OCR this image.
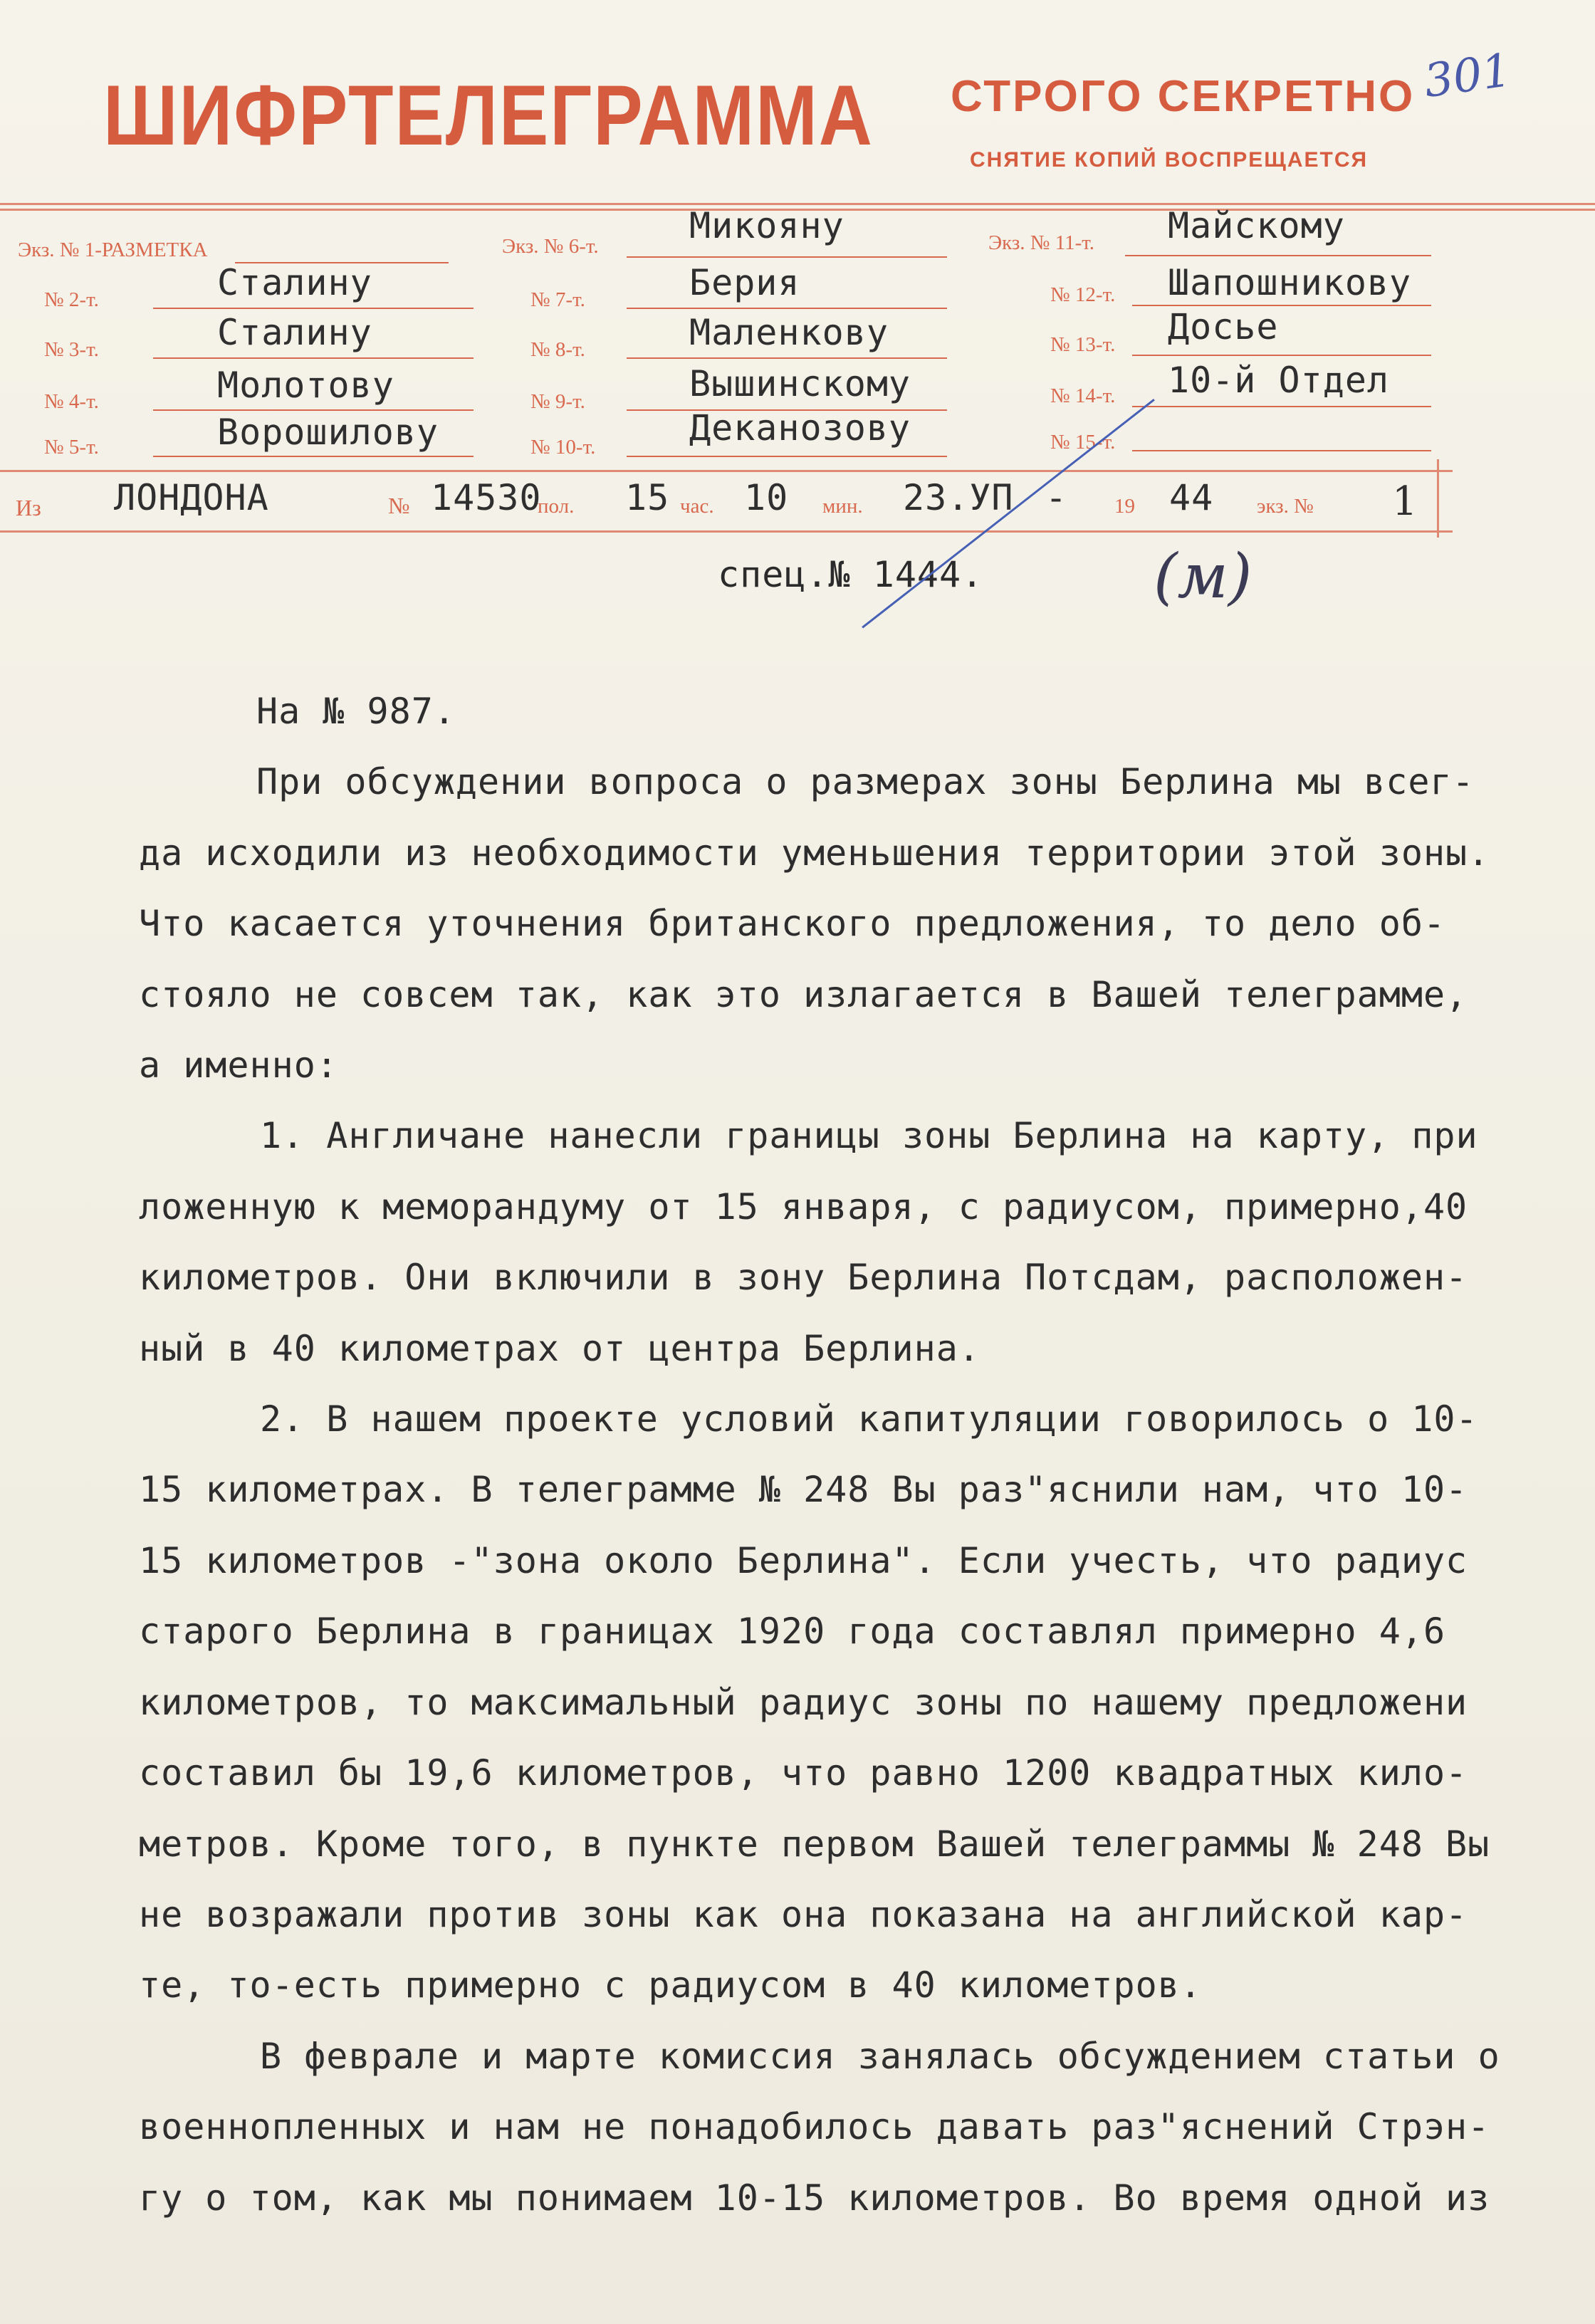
ШИФРТЕЛЕГРАММА СТРОГО СЕКРЕТНО
СНЯТИЕ КОПИЙ ВОСПРЕЩАЕТСЯ
301
Экз. № 1-РАЗМЕТКА
№ 2-т.	Сталину
№ 3-т.	Сталину
№ 4-т.	Молотову
№ 5-т.	Ворошилову
Экз. № 6-т.	Микояну
№ 7-т.	Берия
№ 8-т.	Маленкову
№ 9-т.	Вышинскому
№ 10-т.	Деканозову
Экз. № 11-т. Майскому
№ 12-т. Шапошникову
№ 13-т. Досье
№ 14-т. 10-й Отдел
№ 15-т.
Из ЛОНДОНА	№ 14530
пол. 15 час. 10 мин. 23.УП - 19 44 экз. № 1
спец.№ 1444.	(м)

На № 987.

При обсуждении вопроса о размерах зоны Берлина мы всег-

да исходили из необходимости уменьшения территории этой зоны.

Что касается уточнения британского предложения, то дело об-

стояло не совсем так, как это излагается в Вашей телеграмме,

а именно:

1. Англичане нанесли границы зоны Берлина на карту, при

ложенную к меморандуму от 15 января, с радиусом, примерно,40

километров. Они включили в зону Берлина Потсдам, расположен-

ный в 40 километрах от центра Берлина.

2. В нашем проекте условий капитуляции говорилось о 10-

15 километрах. В телеграмме № 248 Вы раз"яснили нам, что 10-

15 километров -"зона около Берлина". Если учесть, что радиус

старого Берлина в границах 1920 года составлял примерно 4,6

километров, то максимальный радиус зоны по нашему предложени

составил бы 19,6 километров, что равно 1200 квадратных кило-

метров. Кроме того, в пункте первом Вашей телеграммы № 248 Вы

не возражали против зоны как она показана на английской кар-

те, то-есть примерно с радиусом в 40 километров.

В феврале и марте комиссия занялась обсуждением статьи о

военнопленных и нам не понадобилось давать раз"яснений Стрэн-

гу о том, как мы понимаем 10-15 километров. Во время одной из
